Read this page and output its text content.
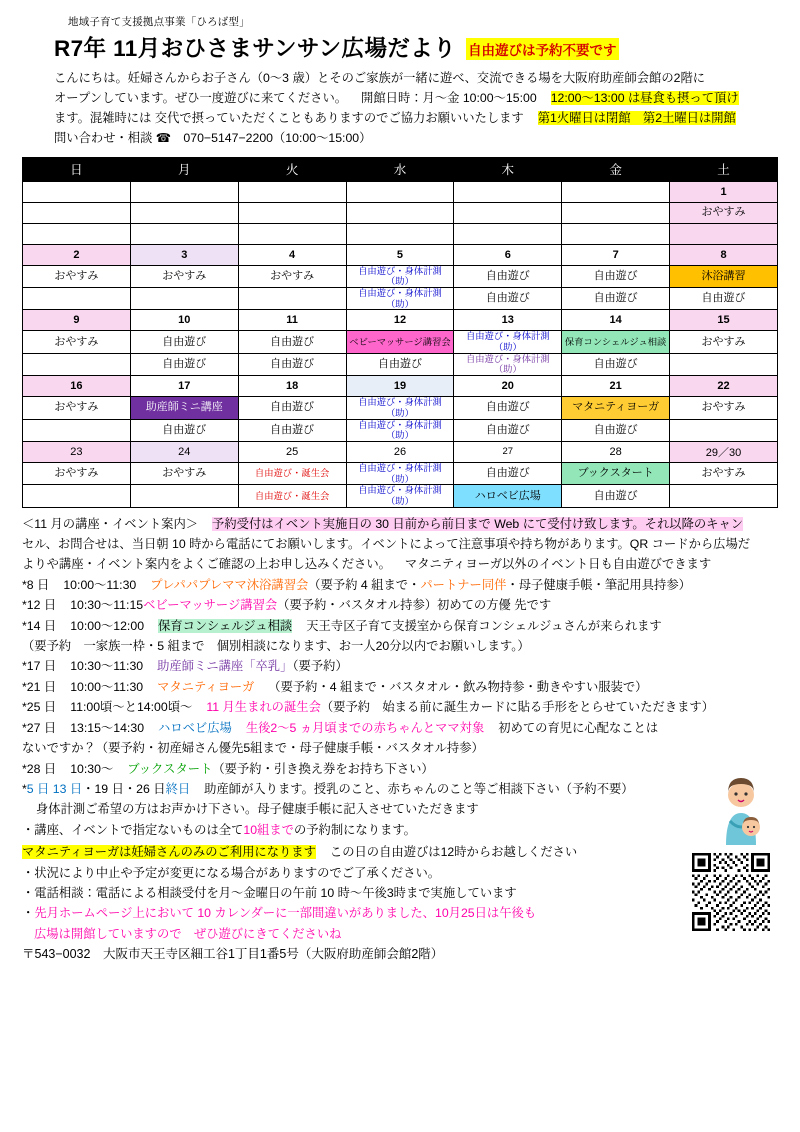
地域子育て支援拠点事業「ひろば型」
R7年 11月おひさまサンサン広場だより 自由遊びは予約不要です

こんにちは。妊婦さんからお子さん（0〜3 歳）とそのご家族が一緒に遊べ、交流できる場を大阪府助産師会館の2階に

オープンしています。ぜひ一度遊びに来てください。 開館日時：月〜金 10:00〜15:00 12:00〜13:00 は昼食も摂って頂け

ます。混雑時には 交代で摂っていただくこともありますのでご協力お願いいたします 第1火曜日は閉館　第2土曜日は開館

問い合わせ・相談 ☎　070−5147−2200（10:00〜15:00）

日	月	火	水	木	金	土
						1
						おやすみ

2	3	4	5	6	7	8
おやすみ	おやすみ	おやすみ	自由遊び・身体計測（助）	自由遊び	自由遊び	沐浴講習
			自由遊び・身体計測（助）	自由遊び	自由遊び	自由遊び
9	10	11	12	13	14	15
おやすみ	自由遊び	自由遊び	ベビーマッサージ講習会	自由遊び・身体計測（助）	保育コンシェルジュ相談	おやすみ
	自由遊び	自由遊び	自由遊び	自由遊び・身体計測（助）	自由遊び	
16	17	18	19	20	21	22
おやすみ	助産師ミニ講座	自由遊び	自由遊び・身体計測（助）	自由遊び	マタニティヨーガ	おやすみ
	自由遊び	自由遊び	自由遊び・身体計測（助）	自由遊び	自由遊び	
23	24	25	26	27	28	29／30
おやすみ	おやすみ	自由遊び・誕生会	自由遊び・身体計測（助）	自由遊び	ブックスタート	おやすみ
		自由遊び・誕生会	自由遊び・身体計測（助）	ハロベビ広場	自由遊び	

＜11 月の講座・イベント案内＞ 予約受付はイベント実施日の 30 日前から前日まで Web にて受付け致します。それ以降のキャン

セル、お問合せは、当日朝 10 時から電話にてお願いします。イベントによって注意事項や持ち物があります。QR コードから広場だ

よりや講座・イベント案内をよくご確認の上お申し込みください。 マタニティヨーガ以外のイベント日も自由遊びできます

*8 日 10:00〜11:30 プレパパプレママ沐浴講習会（要予約 4 組まで・パートナー同伴・母子健康手帳・筆記用具持参）

*12 日 10:30〜11:15ベビーマッサージ講習会（要予約・バスタオル持参）初めての方優 先です

*14 日 10:00〜12:00 保育コンシェルジュ相談 天王寺区子育て支援室から保育コンシェルジュさんが来られます

（要予約　一家族一枠・5 組まで　個別相談になります、お一人20分以内でお願いします。）

*17 日 10:30〜11:30 助産師ミニ講座「卒乳」（要予約）

*21 日 10:00〜11:30 マタニティヨーガ （要予約・4 組まで・バスタオル・飲み物持参・動きやすい服装で）

*25 日 11:00頃〜と14:00頃〜 11 月生まれの誕生会（要予約　始まる前に誕生カードに貼る手形をとらせていただきます）

*27 日 13:15〜14:30 ハロベビ広場 生後2〜5 ヵ月頃までの赤ちゃんとママ対象 初めての育児に心配なことは

ないですか？（要予約・初産婦さん優先5組まで・母子健康手帳・バスタオル持参）

*28 日 10:30〜 ブックスタート（要予約・引き換え券をお持ち下さい）

*5 日 13 日・19 日・26 日終日 助産師が入ります。授乳のこと、赤ちゃんのこと等ご相談下さい（予約不要）

身体計測ご希望の方はお声かけ下さい。母子健康手帳に記入させていただきます

・講座、イベントで指定ないものは全て10組までの予約制になります。

マタニティヨーガは妊婦さんのみのご利用になります この日の自由遊びは12時からお越しください

・状況により中止や予定が変更になる場合がありますのでご了承ください。

・電話相談：電話による相談受付を月〜金曜日の午前 10 時〜午後3時まで実施しています

・先月ホームページ上において 10 カレンダーに一部間違いがありました、10月25日は午後も

広場は開館していますので　ぜひ遊びにきてくださいね

〒543−0032　大阪市天王寺区細工谷1丁目1番5号（大阪府助産師会館2階）
